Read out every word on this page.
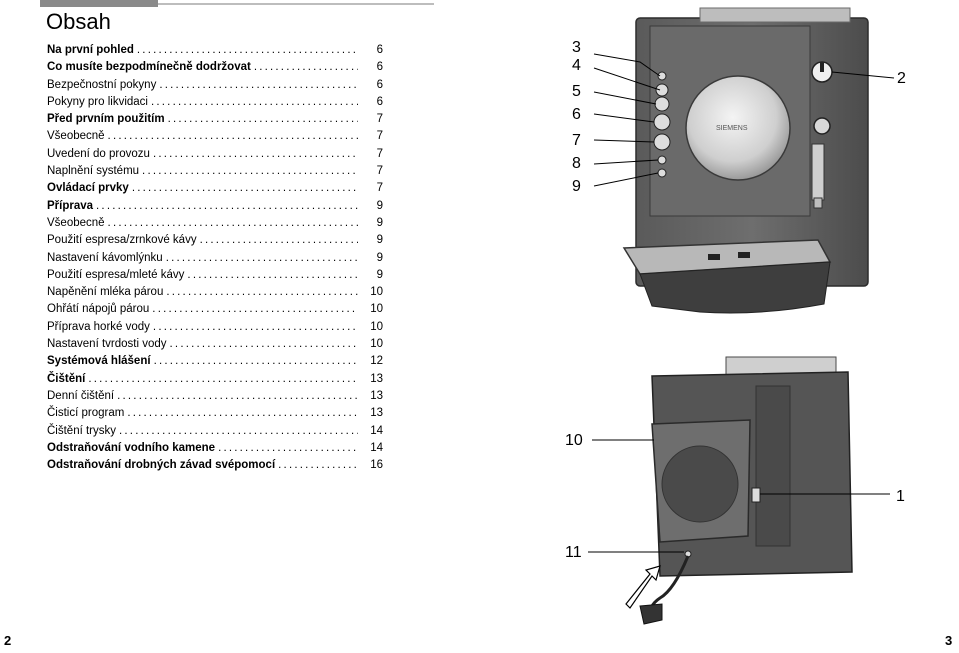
Obsah
Na první pohled .....	6
Co musíte bezpodmínečně dodržovat .....	6
Bezpečnostní pokyny .....	6
Pokyny pro likvidaci .....	6
Před prvním použitím .....	7
Všeobecně .....	7
Uvedení do provozu .....	7
Naplnění systému .....	7
Ovládací prvky .....	7
Příprava .....	9
Všeobecně .....	9
Použití espresa/zrnkové kávy .....	9
Nastavení kávomlýnku .....	9
Použití espresa/mleté kávy .....	9
Napěnění mléka párou .....	10
Ohřátí nápojů párou .....	10
Příprava horké vody .....	10
Nastavení tvrdosti vody .....	10
Systémová hlášení .....	12
Čištění .....	13
Denní čištění .....	13
Čisticí program .....	13
Čištění trysky .....	14
Odstraňování vodního kamene .....	14
Odstraňování drobných závad svépomocí .....	16
SIEMENS
3
4
5
6
7
8
9
2
10
1
11
2	3
